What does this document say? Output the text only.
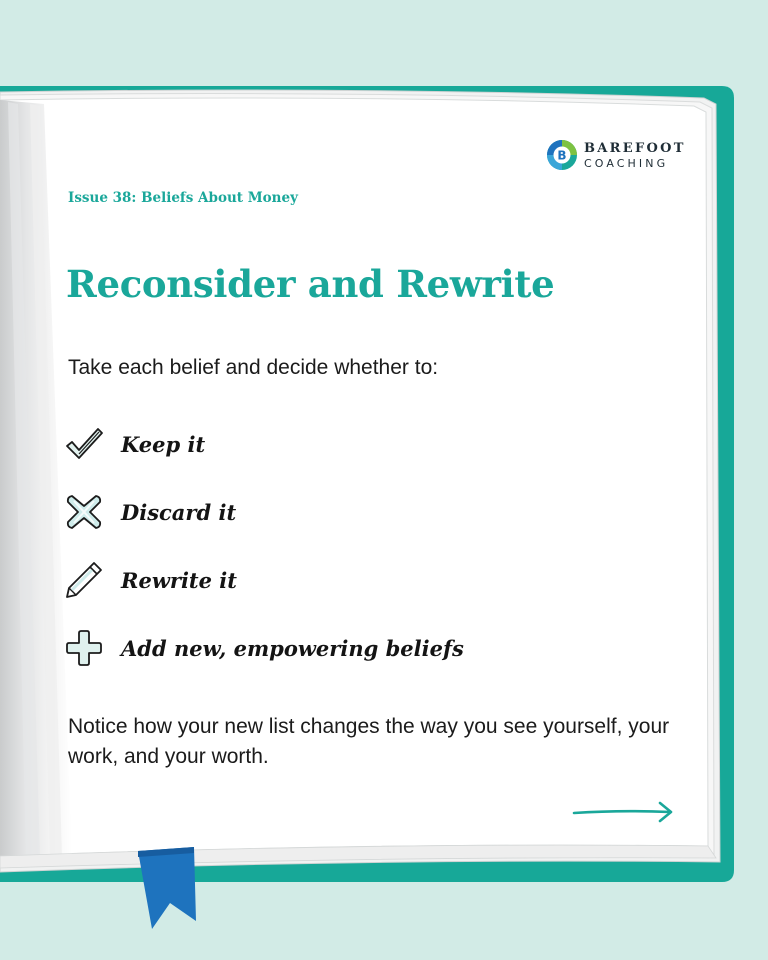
B BAREFOOT
COACHING
Issue 38: Beliefs About Money
Reconsider and Rewrite
Take each belief and decide whether to:
Keep it
Discard it
Rewrite it
Add new, empowering beliefs
Notice how your new list changes the way you see yourself, your work, and your worth.
